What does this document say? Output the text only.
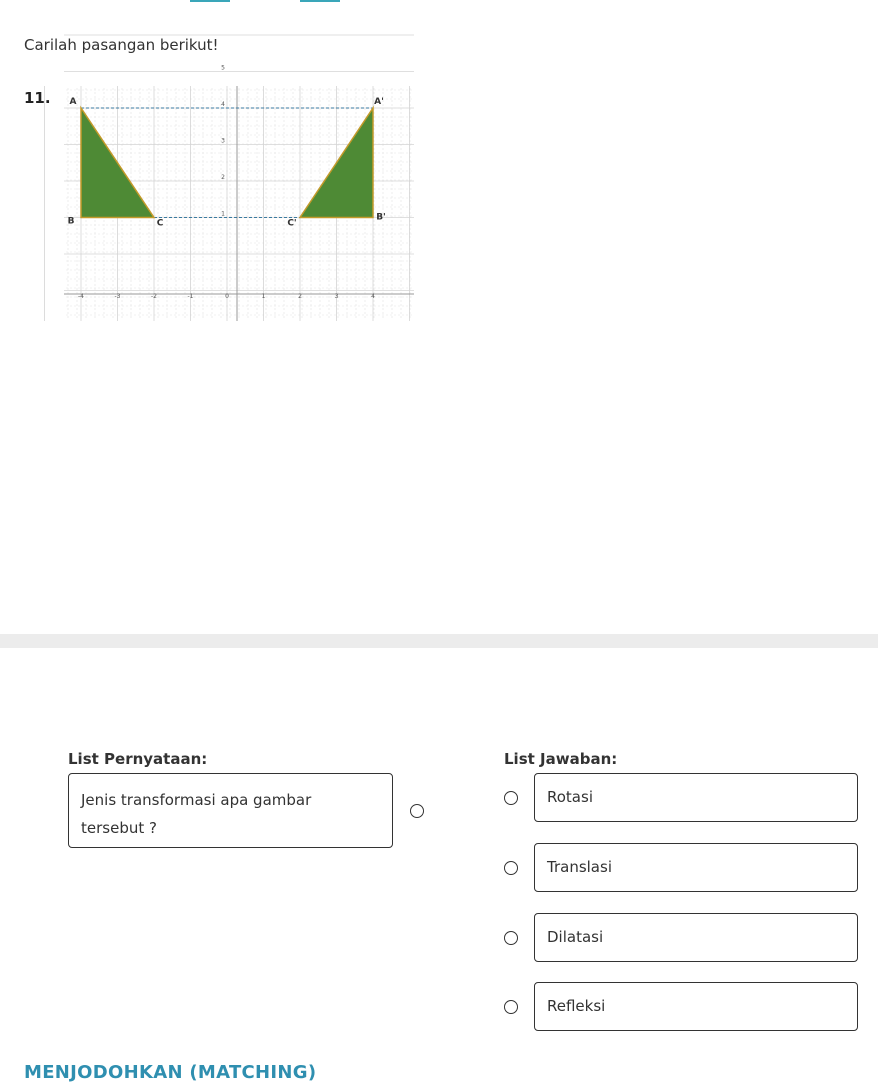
Carilah pasangan berikut!
11.
-4	-3	-2	-1	0	1	2	3	4
1
2
3
4
5
A
B	C
A'
B'
C'
List Pernyataan:	List Jawaban:
Jenis transformasi apa gambar
tersebut ?
Rotasi
Translasi
Dilatasi
Refleksi
MENJODOHKAN (MATCHING)
